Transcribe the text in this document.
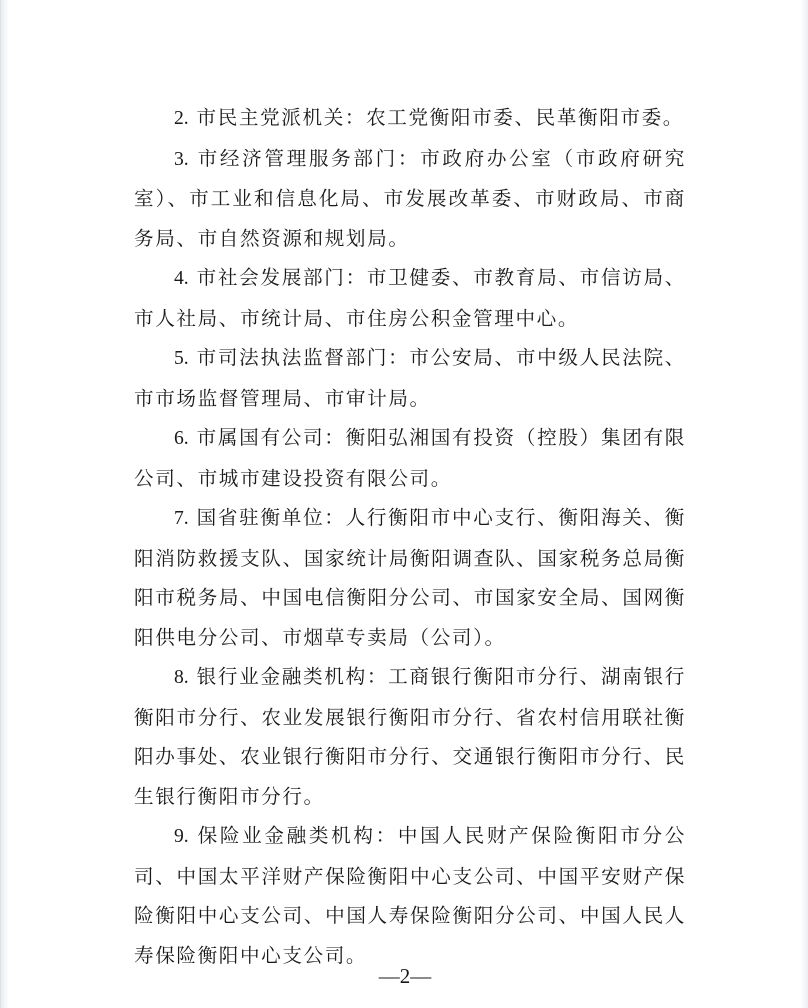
2. 市民主党派机关：农工党衡阳市委、民革衡阳市委。

3. 市经济管理服务部门：市政府办公室（市政府研究室）、市工业和信息化局、市发展改革委、市财政局、市商务局、市自然资源和规划局。

4. 市社会发展部门：市卫健委、市教育局、市信访局、市人社局、市统计局、市住房公积金管理中心。

5. 市司法执法监督部门：市公安局、市中级人民法院、市市场监督管理局、市审计局。

6. 市属国有公司：衡阳弘湘国有投资（控股）集团有限公司、市城市建设投资有限公司。

7. 国省驻衡单位：人行衡阳市中心支行、衡阳海关、衡阳消防救援支队、国家统计局衡阳调查队、国家税务总局衡阳市税务局、中国电信衡阳分公司、市国家安全局、国网衡阳供电分公司、市烟草专卖局（公司）。

8. 银行业金融类机构：工商银行衡阳市分行、湖南银行衡阳市分行、农业发展银行衡阳市分行、省农村信用联社衡阳办事处、农业银行衡阳市分行、交通银行衡阳市分行、民生银行衡阳市分行。

9. 保险业金融类机构：中国人民财产保险衡阳市分公司、中国太平洋财产保险衡阳中心支公司、中国平安财产保险衡阳中心支公司、中国人寿保险衡阳分公司、中国人民人寿保险衡阳中心支公司。

—2—
